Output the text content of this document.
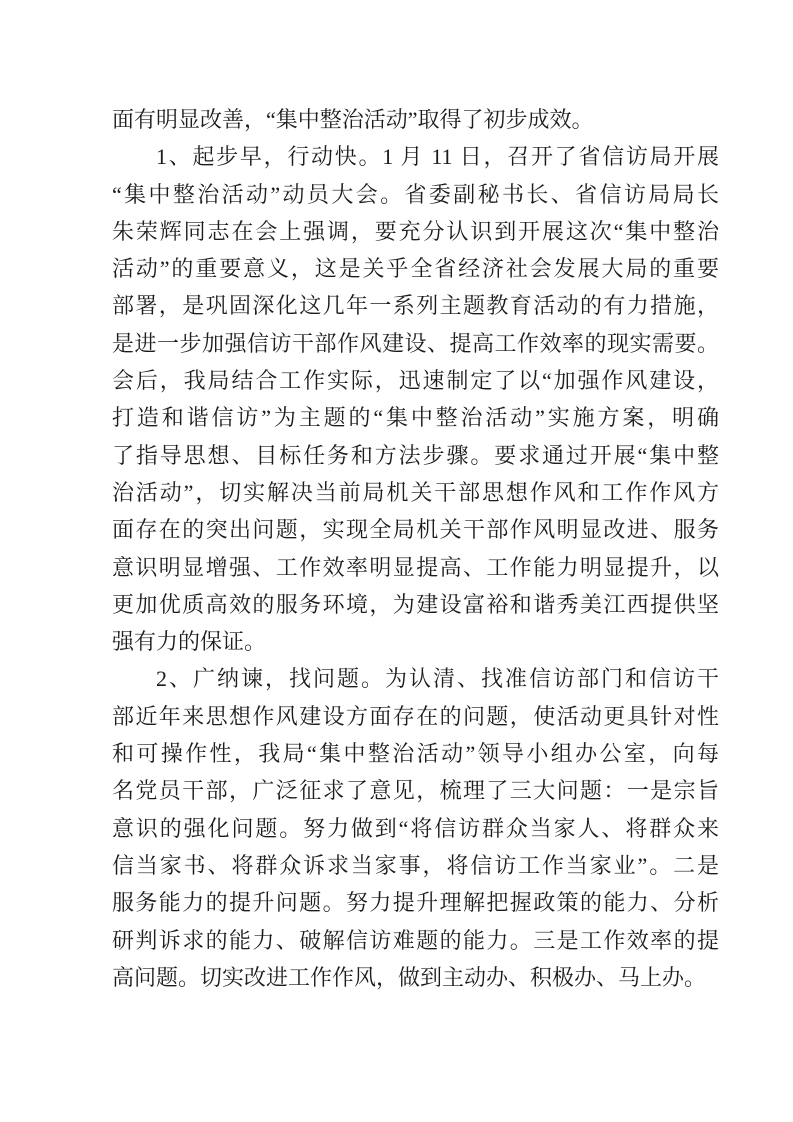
面有明显改善，“集中整治活动”取得了初步成效。
1、起步早，行动快。1 月 11 日，召开了省信访局开展
“集中整治活动”动员大会。省委副秘书长、省信访局局长
朱荣辉同志在会上强调，要充分认识到开展这次“集中整治
活动”的重要意义，这是关乎全省经济社会发展大局的重要
部署，是巩固深化这几年一系列主题教育活动的有力措施，
是进一步加强信访干部作风建设、提高工作效率的现实需要。
会后，我局结合工作实际，迅速制定了以“加强作风建设，
打造和谐信访”为主题的“集中整治活动”实施方案，明确
了指导思想、目标任务和方法步骤。要求通过开展“集中整
治活动”，切实解决当前局机关干部思想作风和工作作风方
面存在的突出问题，实现全局机关干部作风明显改进、服务
意识明显增强、工作效率明显提高、工作能力明显提升，以
更加优质高效的服务环境，为建设富裕和谐秀美江西提供坚
强有力的保证。
2、广纳谏，找问题。为认清、找准信访部门和信访干
部近年来思想作风建设方面存在的问题，使活动更具针对性
和可操作性，我局“集中整治活动”领导小组办公室，向每
名党员干部，广泛征求了意见，梳理了三大问题：一是宗旨
意识的强化问题。努力做到“将信访群众当家人、将群众来
信当家书、将群众诉求当家事，将信访工作当家业”。二是
服务能力的提升问题。努力提升理解把握政策的能力、分析
研判诉求的能力、破解信访难题的能力。三是工作效率的提
高问题。切实改进工作作风，做到主动办、积极办、马上办。
